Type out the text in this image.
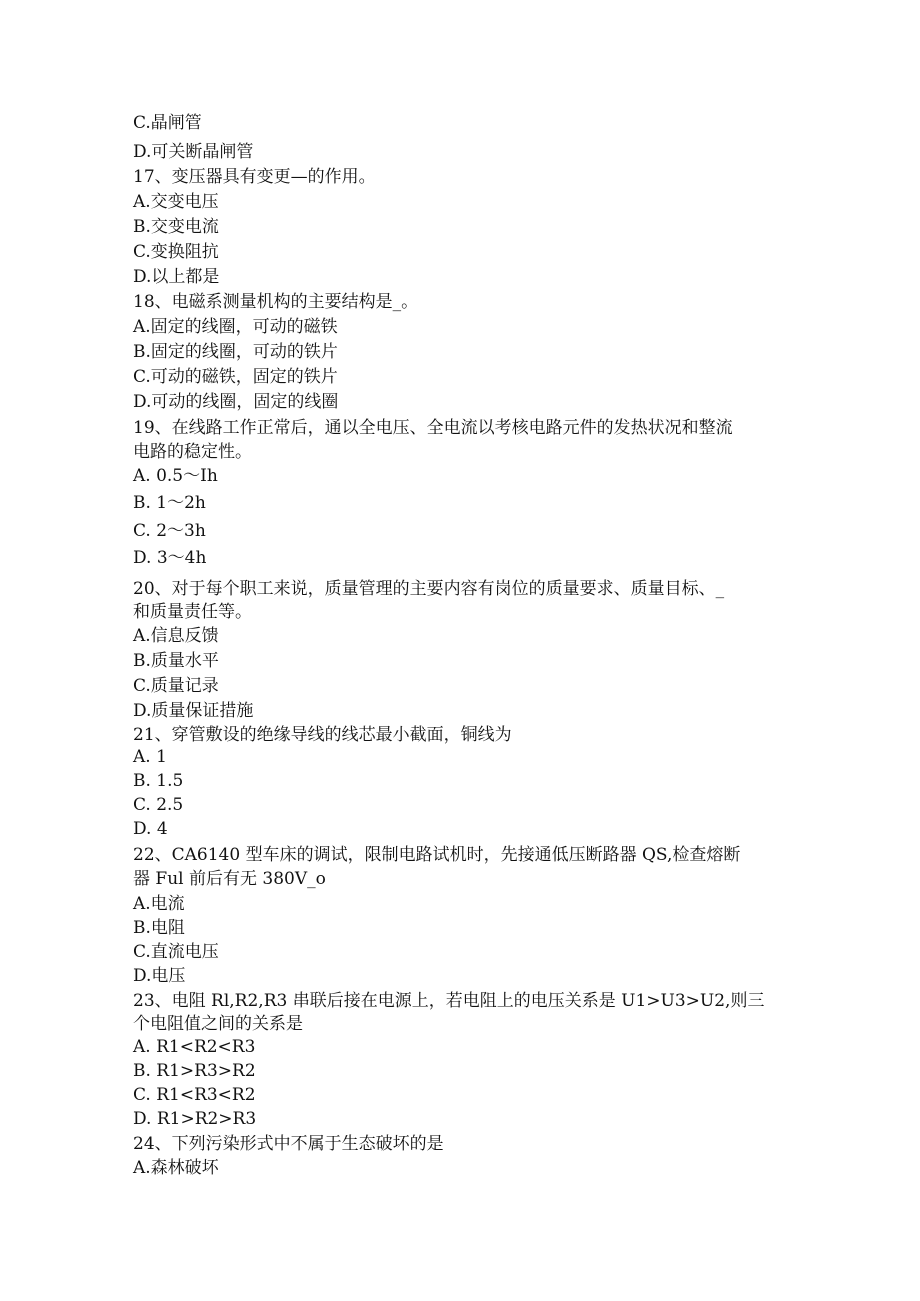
C.晶闸管
D.可关断晶闸管
17、变压器具有变更—的作用。
A.交变电压
B.交变电流
C.变换阻抗
D.以上都是
18、电磁系测量机构的主要结构是_。
A.固定的线圈，可动的磁铁
B.固定的线圈，可动的铁片
C.可动的磁铁，固定的铁片
D.可动的线圈，固定的线圈
19、在线路工作正常后，通以全电压、全电流以考核电路元件的发热状况和整流
电路的稳定性。
A. 0.5～Ih
B. 1～2h
C. 2～3h
D. 3～4h
20、对于每个职工来说，质量管理的主要内容有岗位的质量要求、质量目标、_
和质量责任等。
A.信息反馈
B.质量水平
C.质量记录
D.质量保证措施
21、穿管敷设的绝缘导线的线芯最小截面，铜线为
A. 1
B. 1.5
C. 2.5
D. 4
22、CA6140 型车床的调试，限制电路试机时，先接通低压断路器 QS,检查熔断
器 Ful 前后有无 380V_o
A.电流
B.电阻
C.直流电压
D.电压
23、电阻 Rl,R2,R3 串联后接在电源上，若电阻上的电压关系是 U1>U3>U2,则三
个电阻值之间的关系是
A. R1<R2<R3
B. R1>R3>R2
C. R1<R3<R2
D. R1>R2>R3
24、下列污染形式中不属于生态破坏的是
A.森林破坏
